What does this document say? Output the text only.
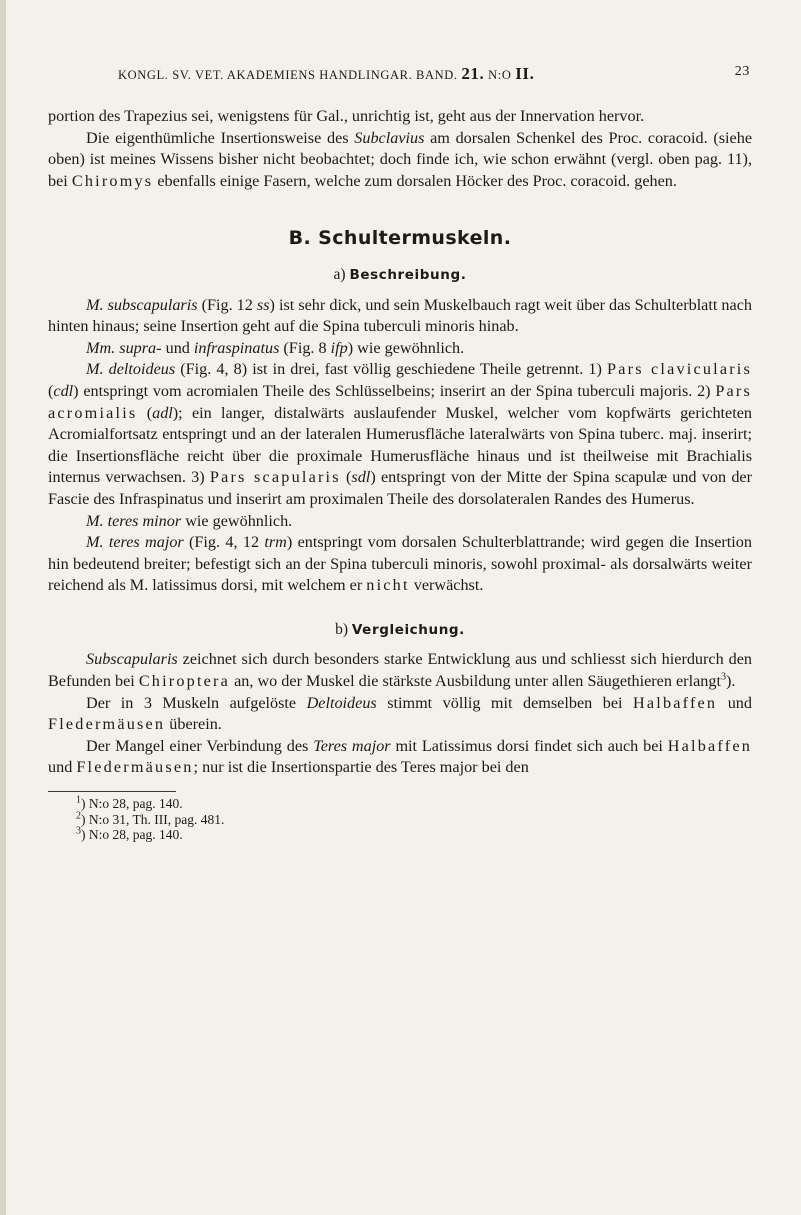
KONGL. SV. VET. AKADEMIENS HANDLINGAR. BAND. 21. N:O II.	23

portion des Trapezius sei, wenigstens für Gal., unrichtig ist, geht aus der Innervation hervor.

Die eigenthümliche Insertionsweise des Subclavius am dorsalen Schenkel des Proc. coracoid. (siehe oben) ist meines Wissens bisher nicht beobachtet; doch finde ich, wie schon erwähnt (vergl. oben pag. 11), bei Chiromys ebenfalls einige Fasern, welche zum dorsalen Höcker des Proc. coracoid. gehen.

B. Schultermuskeln.
a) Beschreibung.

M. subscapularis (Fig. 12 ss) ist sehr dick, und sein Muskelbauch ragt weit über das Schulterblatt nach hinten hinaus; seine Insertion geht auf die Spina tuberculi minoris hinab.

Mm. supra- und infraspinatus (Fig. 8 ifp) wie gewöhnlich.

M. deltoideus (Fig. 4, 8) ist in drei, fast völlig geschiedene Theile getrennt. 1) Pars clavicularis (cdl) entspringt vom acromialen Theile des Schlüsselbeins; inserirt an der Spina tuberculi majoris. 2) Pars acromialis (adl); ein langer, distalwärts auslaufender Muskel, welcher vom kopfwärts gerichteten Acromialfortsatz entspringt und an der lateralen Humerusfläche lateralwärts von Spina tuberc. maj. inserirt; die Insertionsfläche reicht über die proximale Humerusfläche hinaus und ist theilweise mit Brachialis internus verwachsen. 3) Pars scapularis (sdl) entspringt von der Mitte der Spina scapulæ und von der Fascie des Infraspinatus und inserirt am proximalen Theile des dorsolateralen Randes des Humerus.

M. teres minor wie gewöhnlich.

M. teres major (Fig. 4, 12 trm) entspringt vom dorsalen Schulterblattrande; wird gegen die Insertion hin bedeutend breiter; befestigt sich an der Spina tuberculi minoris, sowohl proximal- als dorsalwärts weiter reichend als M. latissimus dorsi, mit welchem er nicht verwächst.

b) Vergleichung.

Subscapularis zeichnet sich durch besonders starke Entwicklung aus und schliesst sich hierdurch den Befunden bei Chiroptera an, wo der Muskel die stärkste Ausbildung unter allen Säugethieren erlangt$^3$).

Der in 3 Muskeln aufgelöste Deltoideus stimmt völlig mit demselben bei Halbaffen und Fledermäusen überein.

Der Mangel einer Verbindung des Teres major mit Latissimus dorsi findet sich auch bei Halbaffen und Fledermäusen; nur ist die Insertionspartie des Teres major bei den

$^1$) N:o 28, pag. 140.
$^2$) N:o 31, Th. III, pag. 481.
$^3$) N:o 28, pag. 140.
